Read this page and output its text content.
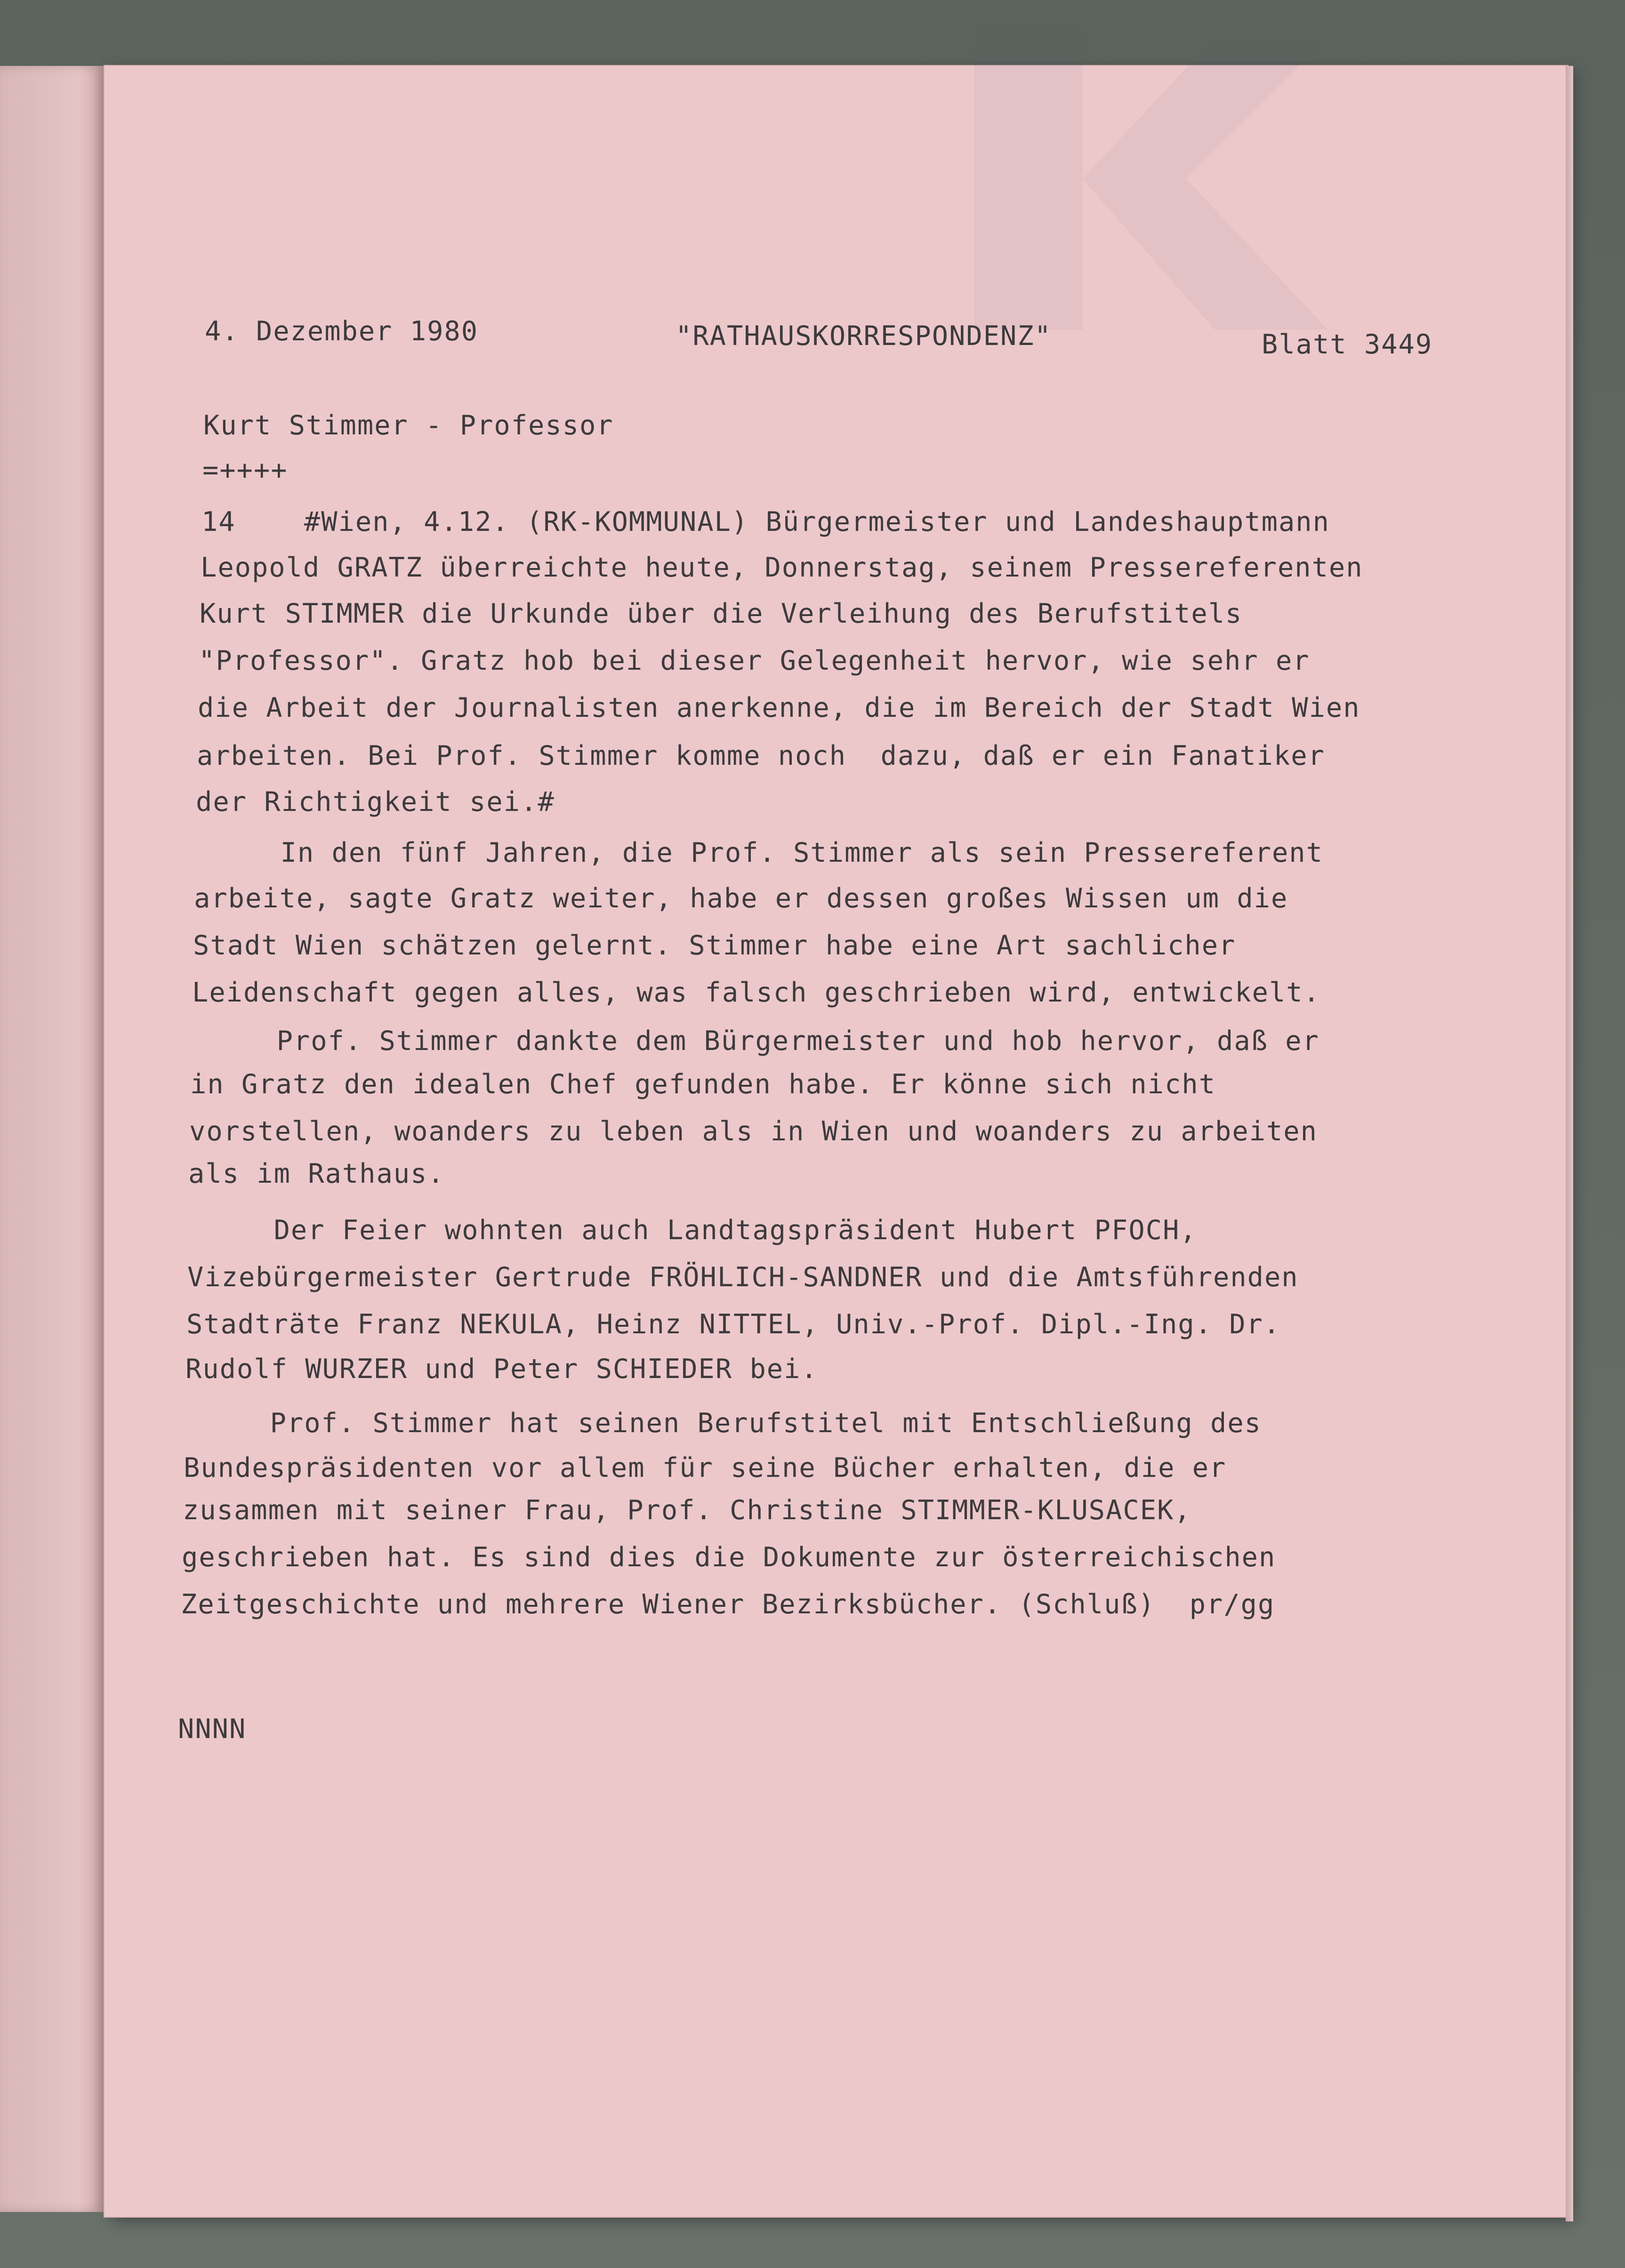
4. Dezember 1980	"RATHAUSKORRESPONDENZ"	Blatt 3449
Kurt Stimmer - Professor
=++++
14    #Wien, 4.12. (RK-KOMMUNAL) Bürgermeister und Landeshauptmann
Leopold GRATZ überreichte heute, Donnerstag, seinem Pressereferenten
Kurt STIMMER die Urkunde über die Verleihung des Berufstitels
"Professor". Gratz hob bei dieser Gelegenheit hervor, wie sehr er
die Arbeit der Journalisten anerkenne, die im Bereich der Stadt Wien
arbeiten. Bei Prof. Stimmer komme noch  dazu, daß er ein Fanatiker
der Richtigkeit sei.#
In den fünf Jahren, die Prof. Stimmer als sein Pressereferent
arbeite, sagte Gratz weiter, habe er dessen großes Wissen um die
Stadt Wien schätzen gelernt. Stimmer habe eine Art sachlicher
Leidenschaft gegen alles, was falsch geschrieben wird, entwickelt.
Prof. Stimmer dankte dem Bürgermeister und hob hervor, daß er
in Gratz den idealen Chef gefunden habe. Er könne sich nicht
vorstellen, woanders zu leben als in Wien und woanders zu arbeiten
als im Rathaus.
Der Feier wohnten auch Landtagspräsident Hubert PFOCH,
Vizebürgermeister Gertrude FRÖHLICH-SANDNER und die Amtsführenden
Stadträte Franz NEKULA, Heinz NITTEL, Univ.-Prof. Dipl.-Ing. Dr.
Rudolf WURZER und Peter SCHIEDER bei.
Prof. Stimmer hat seinen Berufstitel mit Entschließung des
Bundespräsidenten vor allem für seine Bücher erhalten, die er
zusammen mit seiner Frau, Prof. Christine STIMMER-KLUSACEK,
geschrieben hat. Es sind dies die Dokumente zur österreichischen
Zeitgeschichte und mehrere Wiener Bezirksbücher. (Schluß)  pr/gg
NNNN
